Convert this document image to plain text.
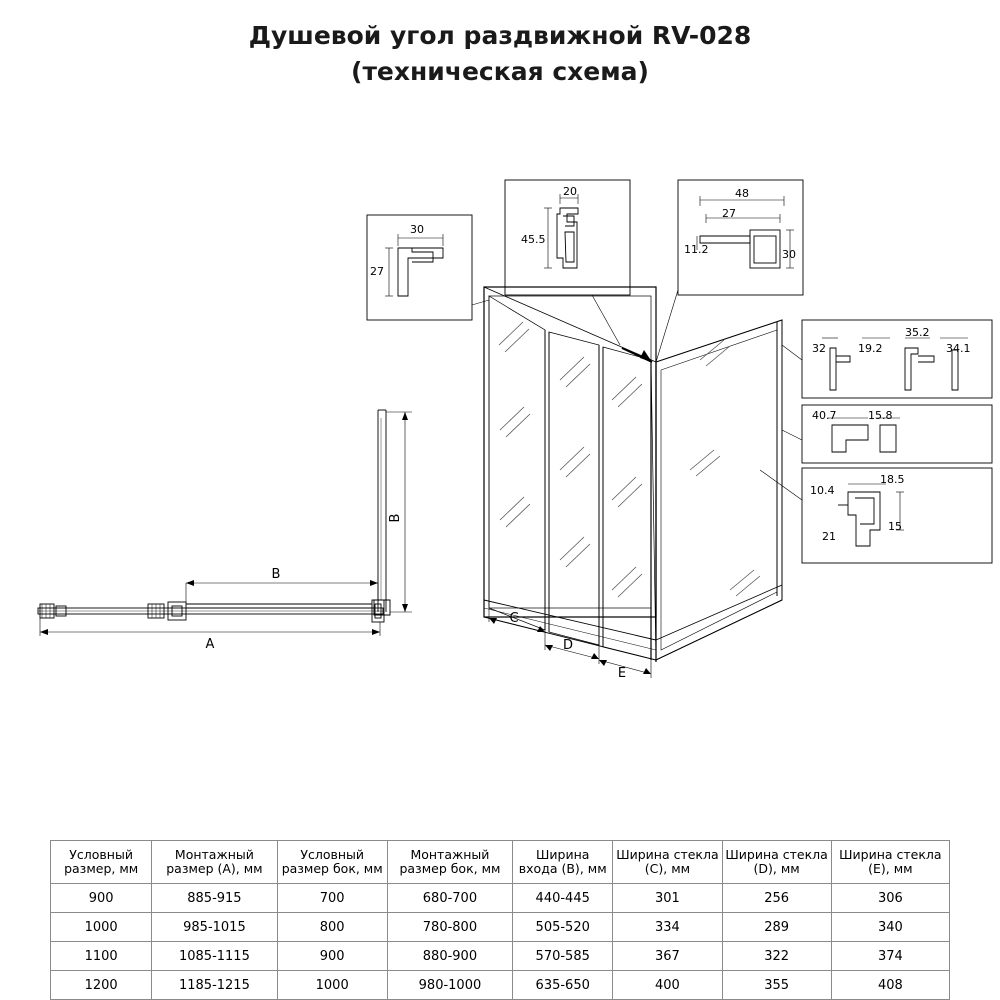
Душевой угол раздвижной RV-028
(техническая схема)
30
27
20
45.5
48
27
30
11.2
32	19.2
35.2
34.1
40.7	15.8
10.4
18.5
21
15
B
B
A
C
D
E
Условный размер, мм	Монтажный размер (A), мм	Условный размер бок, мм	Монтажный размер бок, мм	Ширина входа (B), мм	Ширина стекла (C), мм	Ширина стекла (D), мм	Ширина стекла (E), мм
900	885-915	700	680-700	440-445	301	256	306
1000	985-1015	800	780-800	505-520	334	289	340
1100	1085-1115	900	880-900	570-585	367	322	374
1200	1185-1215	1000	980-1000	635-650	400	355	408
